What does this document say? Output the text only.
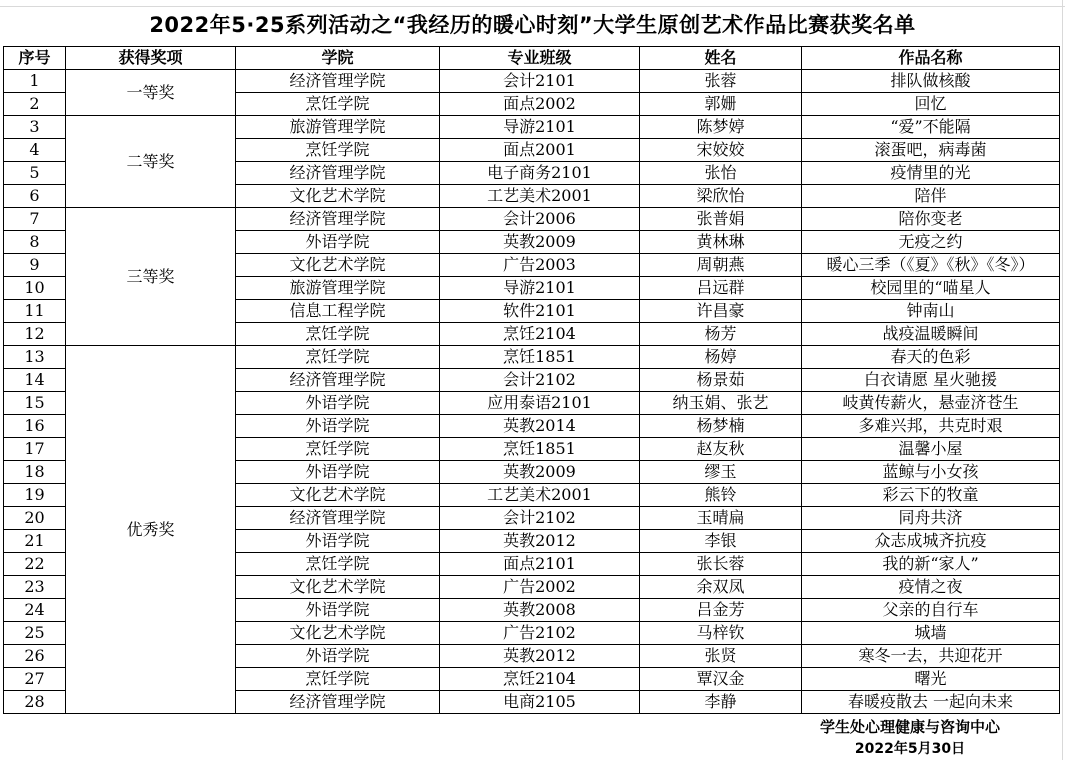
2022年5·25系列活动之“我经历的暖心时刻”大学生原创艺术作品比赛获奖名单
序号	获得奖项	学院	专业班级	姓名	作品名称
1	一等奖	经济管理学院	会计2101	张蓉	排队做核酸
2		烹饪学院	面点2002	郭姗	回忆
3	二等奖	旅游管理学院	导游2101	陈梦婷	“爱”不能隔
4		烹饪学院	面点2001	宋姣姣	滚蛋吧，病毒菌
5		经济管理学院	电子商务2101	张怡	疫情里的光
6		文化艺术学院	工艺美术2001	梁欣怡	陪伴
7	三等奖	经济管理学院	会计2006	张普娟	陪你变老
8		外语学院	英教2009	黄林琳	无疫之约
9		文化艺术学院	广告2003	周朝燕	暖心三季（《夏》《秋》《冬》）
10		旅游管理学院	导游2101	吕远群	校园里的“喵星人
11		信息工程学院	软件2101	许昌豪	钟南山
12		烹饪学院	烹饪2104	杨芳	战疫温暖瞬间
13	优秀奖	烹饪学院	烹饪1851	杨婷	春天的色彩
14		经济管理学院	会计2102	杨景茹	白衣请愿 星火驰援
15		外语学院	应用泰语2101	纳玉娟、张艺	岐黄传薪火，悬壶济苍生
16		外语学院	英教2014	杨梦楠	多难兴邦，共克时艰
17		烹饪学院	烹饪1851	赵友秋	温馨小屋
18		外语学院	英教2009	缪玉	蓝鲸与小女孩
19		文化艺术学院	工艺美术2001	熊铃	彩云下的牧童
20		经济管理学院	会计2102	玉晴扁	同舟共济
21		外语学院	英教2012	李银	众志成城齐抗疫
22		烹饪学院	面点2101	张长蓉	我的新“家人”
23		文化艺术学院	广告2002	余双凤	疫情之夜
24		外语学院	英教2008	吕金芳	父亲的自行车
25		文化艺术学院	广告2102	马梓钦	城墙
26		外语学院	英教2012	张贤	寒冬一去，共迎花开
27		烹饪学院	烹饪2104	覃汉金	曙光
28		经济管理学院	电商2105	李静	春暖疫散去 一起向未来
学生处心理健康与咨询中心
2022年5月30日
